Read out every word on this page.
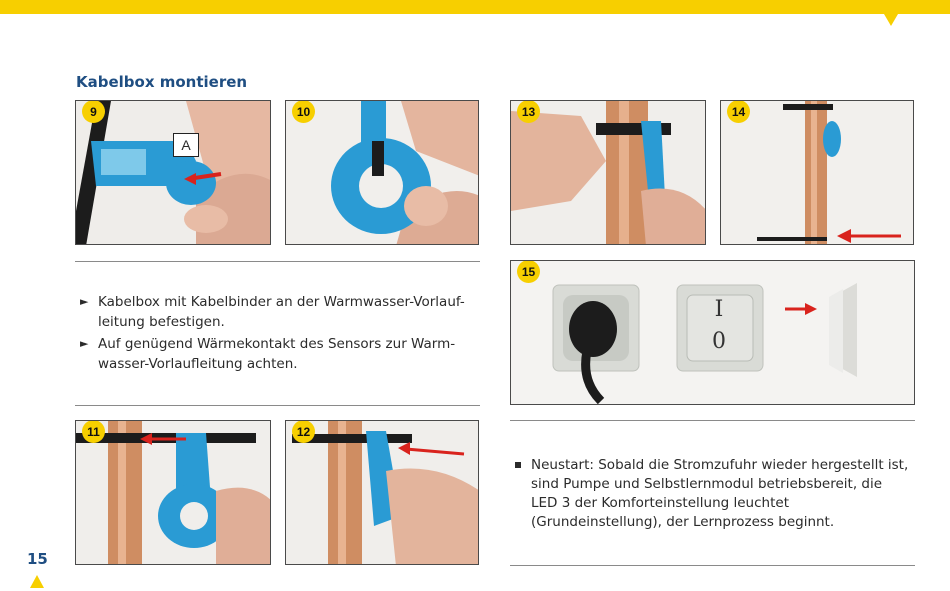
Kabelbox montieren
9
A
10	13	14
► Kabelbox mit Kabelbinder an der Warmwasser-Vorlauf-
leitung befestigen.
► Auf genügend Wärmekontakt des Sensors zur Warm-
wasser-Vorlaufleitung achten.
15
I
0
11	12
Neustart: Sobald die Stromzufuhr wieder hergestellt ist, sind Pumpe und Selbstlernmodul betriebsbereit, die LED 3 der Komforteinstellung leuchtet (Grundeinstellung), der Lernprozess beginnt.
15
